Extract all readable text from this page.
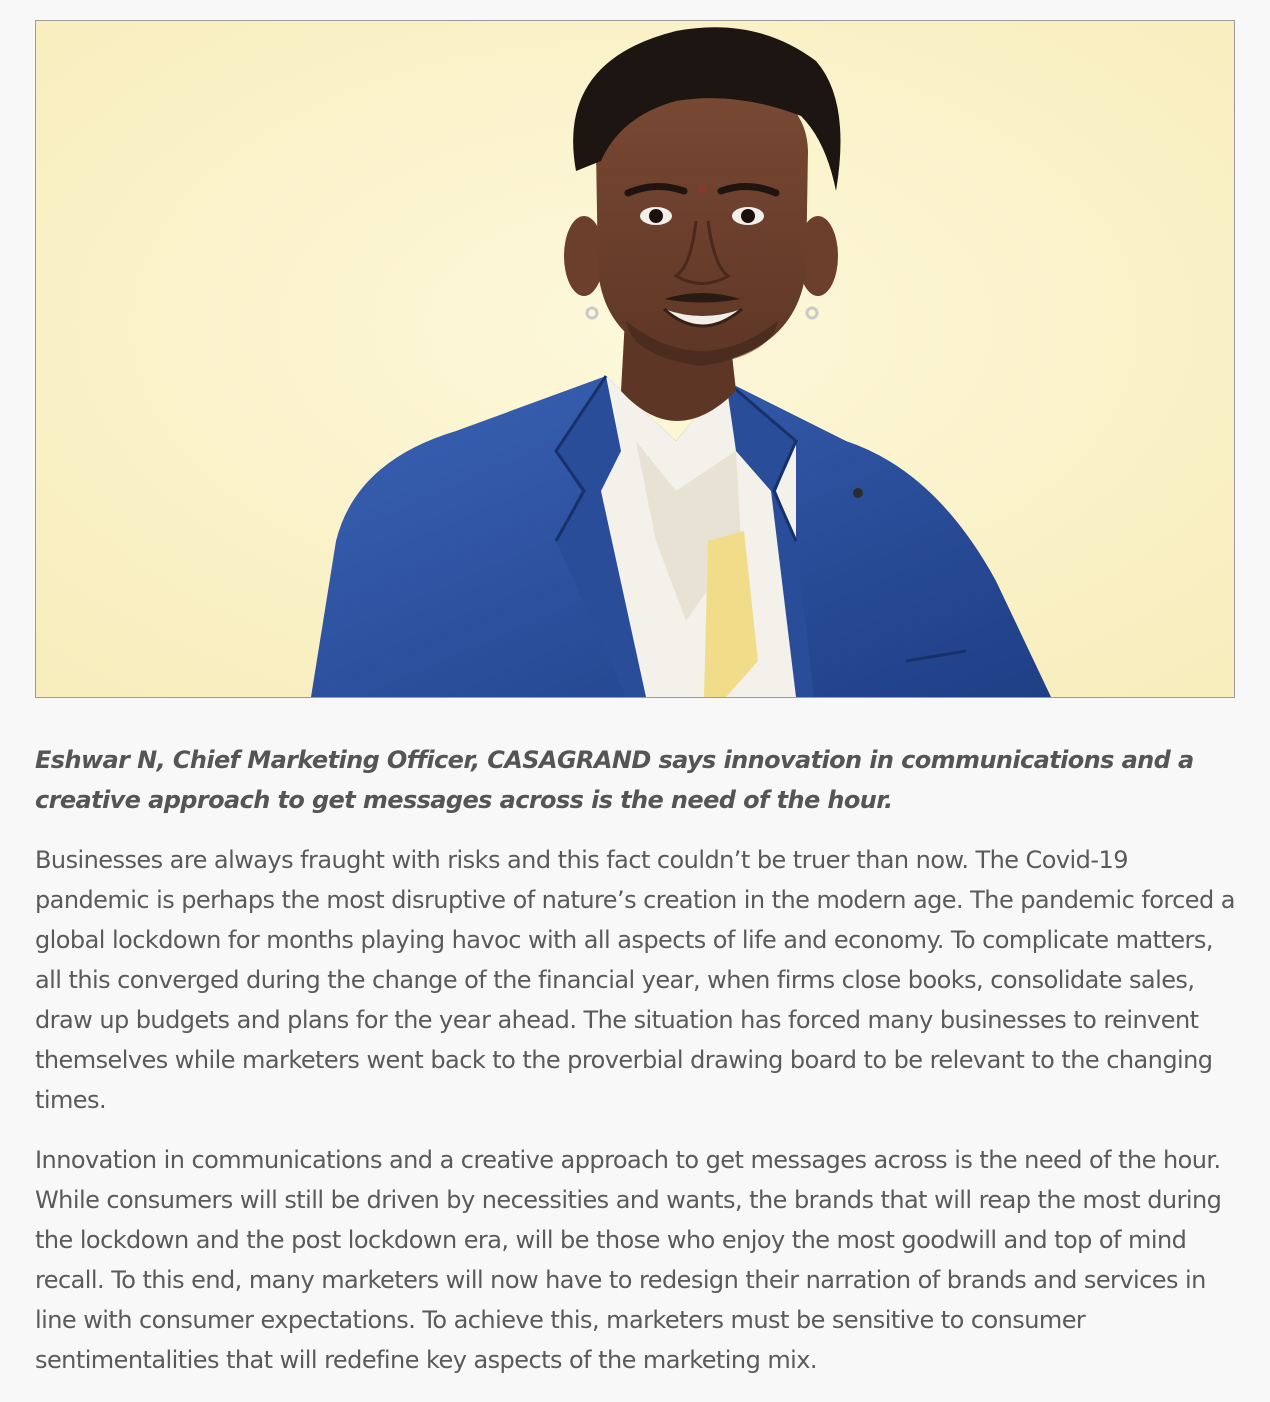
Eshwar N, Chief Marketing Officer, CASAGRAND says innovation in communications and a creative approach to get messages across is the need of the hour.

Businesses are always fraught with risks and this fact couldn’t be truer than now. The Covid-19 pandemic is perhaps the most disruptive of nature’s creation in the modern age. The pandemic forced a global lockdown for months playing havoc with all aspects of life and economy. To complicate matters, all this converged during the change of the financial year, when firms close books, consolidate sales, draw up budgets and plans for the year ahead. The situation has forced many businesses to reinvent themselves while marketers went back to the proverbial drawing board to be relevant to the changing times.

Innovation in communications and a creative approach to get messages across is the need of the hour. While consumers will still be driven by necessities and wants, the brands that will reap the most during the lockdown and the post lockdown era, will be those who enjoy the most goodwill and top of mind recall. To this end, many marketers will now have to redesign their narration of brands and services in line with consumer expectations. To achieve this, marketers must be sensitive to consumer sentimentalities that will redefine key aspects of the marketing mix.
